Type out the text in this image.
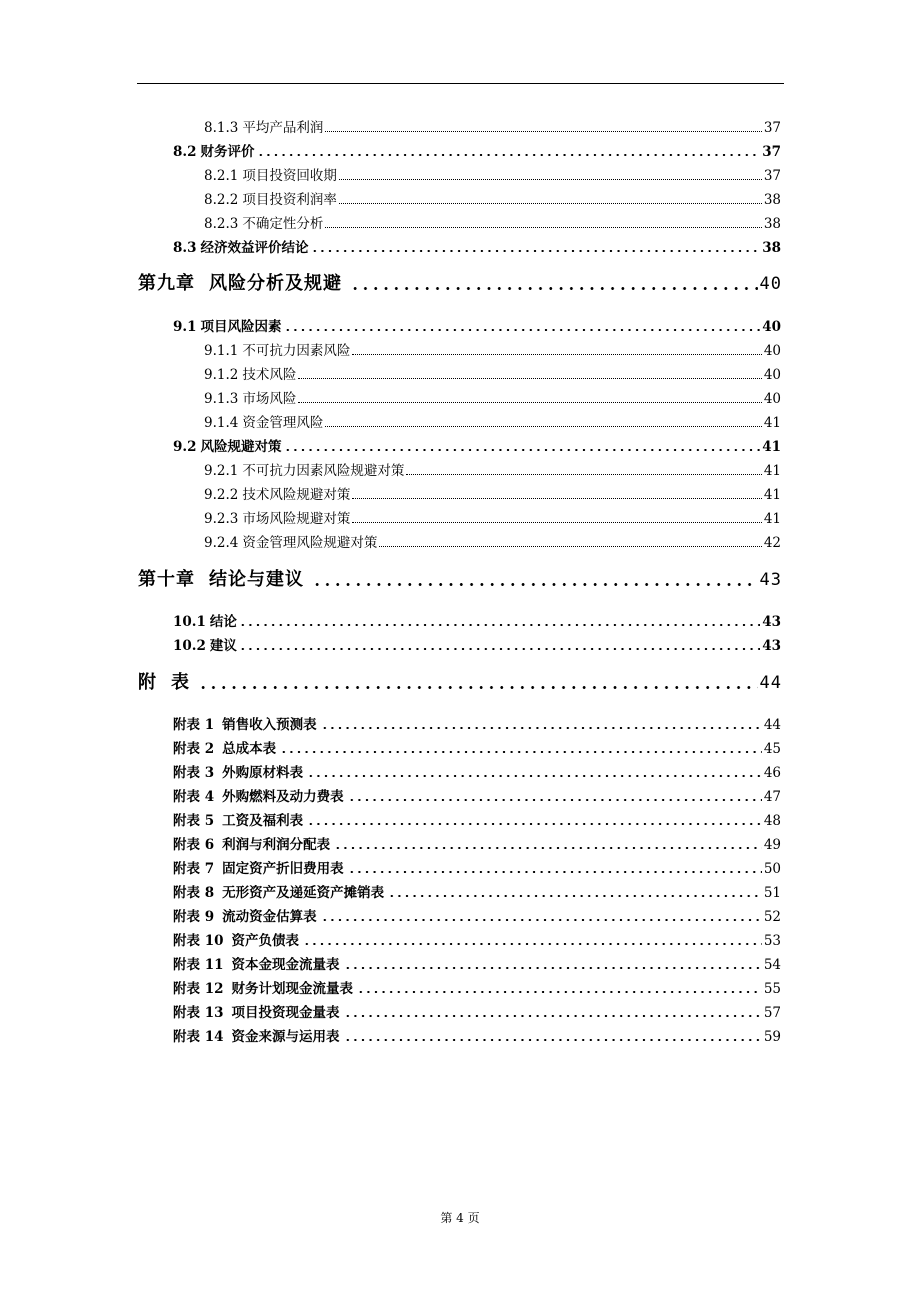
8.1.3 平均产品利润	37
8.2 财务评价	37
8.2.1 项目投资回收期	37
8.2.2 项目投资利润率	38
8.2.3 不确定性分析	38
8.3 经济效益评价结论	38
第九章 风险分析及规避	40
9.1 项目风险因素	40
9.1.1 不可抗力因素风险	40
9.1.2 技术风险	40
9.1.3 市场风险	40
9.1.4 资金管理风险	41
9.2 风险规避对策	41
9.2.1 不可抗力因素风险规避对策	41
9.2.2 技术风险规避对策	41
9.2.3 市场风险规避对策	41
9.2.4 资金管理风险规避对策	42
第十章 结论与建议	43
10.1 结论	43
10.2 建议	43
附 表	44
附表 1 销售收入预测表	44
附表 2 总成本表	45
附表 3 外购原材料表	46
附表 4 外购燃料及动力费表	47
附表 5 工资及福利表	48
附表 6 利润与利润分配表	49
附表 7 固定资产折旧费用表	50
附表 8 无形资产及递延资产摊销表	51
附表 9 流动资金估算表	52
附表 10 资产负债表	53
附表 11 资本金现金流量表	54
附表 12 财务计划现金流量表	55
附表 13 项目投资现金量表	57
附表 14 资金来源与运用表	59
第 4 页
